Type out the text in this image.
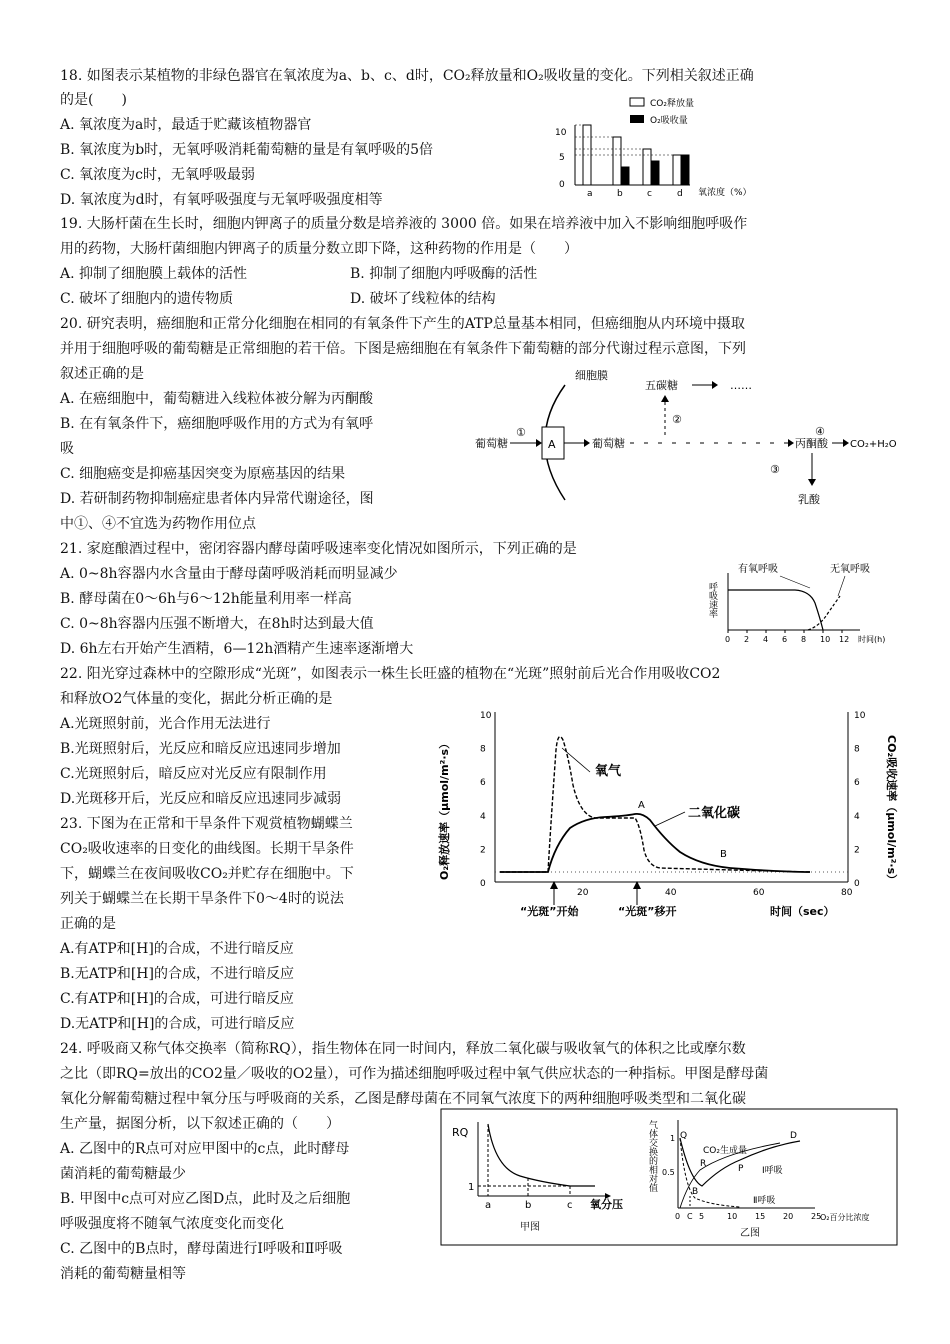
18. 如图表示某植物的非绿色器官在氧浓度为a、b、c、d时，CO₂释放量和O₂吸收量的变化。下列相关叙述正确
的是(　　)
A. 氧浓度为a时，最适于贮藏该植物器官
B. 氧浓度为b时，无氧呼吸消耗葡萄糖的量是有氧呼吸的5倍
C. 氧浓度为c时，无氧呼吸最弱
D. 氧浓度为d时，有氧呼吸强度与无氧呼吸强度相等
CO₂释放量
O₂吸收量
10
5
0
a	b	c	d 氧浓度（%）
19. 大肠杆菌在生长时，细胞内钾离子的质量分数是培养液的 3000 倍。如果在培养液中加入不影响细胞呼吸作
用的药物，大肠杆菌细胞内钾离子的质量分数立即下降，这种药物的作用是（　　）
A. 抑制了细胞膜上载体的活性	B. 抑制了细胞内呼吸酶的活性
C. 破坏了细胞内的遗传物质	D. 破坏了线粒体的结构
20. 研究表明，癌细胞和正常分化细胞在相同的有氧条件下产生的ATP总量基本相同，但癌细胞从内环境中摄取
并用于细胞呼吸的葡萄糖是正常细胞的若干倍。下图是癌细胞在有氧条件下葡萄糖的部分代谢过程示意图，下列
叙述正确的是
A. 在癌细胞中，葡萄糖进入线粒体被分解为丙酮酸
B. 在有氧条件下，癌细胞呼吸作用的方式为有氧呼
吸
C. 细胞癌变是抑癌基因突变为原癌基因的结果
D. 若研制药物抑制癌症患者体内异常代谢途径，图
中①、④不宜选为药物作用位点
细胞膜
葡萄糖
①
A	葡萄糖
②
五碳糖	……
丙酮酸
④
CO₂+H₂O
③
乳酸
21. 家庭酿酒过程中，密闭容器内酵母菌呼吸速率变化情况如图所示，下列正确的是
A. 0~8h容器内水含量由于酵母菌呼吸消耗而明显减少
B. 酵母菌在0～6h与6～12h能量利用率一样高
C. 0~8h容器内压强不断增大，在8h时达到最大值
D. 6h左右开始产生酒精，6—12h酒精产生速率逐渐增大
有氧呼吸	无氧呼吸
呼吸速率
0 2 4 6 8 10 12 时间(h)
22. 阳光穿过森林中的空隙形成“光斑”，如图表示一株生长旺盛的植物在“光斑”照射前后光合作用吸收CO2
和释放O2气体量的变化，据此分析正确的是
A.光斑照射前，光合作用无法进行
B.光斑照射后，光反应和暗反应迅速同步增加
C.光斑照射后，暗反应对光反应有限制作用
D.光斑移开后，光反应和暗反应迅速同步减弱	O₂释放速率（μmol/m²·s）	CO₂吸收速率（μmol/m²·s）
10	10
8	8
6	6
4	4
2	2
0	0
20	40	60	80
氧气
二氧化碳
A
B
“光斑”开始	“光斑”移开	时间（sec）
23. 下图为在正常和干旱条件下观赏植物蝴蝶兰
CO₂吸收速率的日变化的曲线图。长期干旱条件
下，蝴蝶兰在夜间吸收CO₂并贮存在细胞中。下
列关于蝴蝶兰在长期干旱条件下0～4时的说法
正确的是
A.有ATP和[H]的合成，不进行暗反应
B.无ATP和[H]的合成，不进行暗反应
C.有ATP和[H]的合成，可进行暗反应
D.无ATP和[H]的合成，可进行暗反应
24. 呼吸商又称气体交换率（简称RQ），指生物体在同一时间内，释放二氧化碳与吸收氧气的体积之比或摩尔数
之比（即RQ=放出的CO2量／吸收的O2量），可作为描述细胞呼吸过程中氧气供应状态的一种指标。甲图是酵母菌
氧化分解葡萄糖过程中氧分压与呼吸商的关系，乙图是酵母菌在不同氧气浓度下的两种细胞呼吸类型和二氧化碳
生产量，据图分析，以下叙述正确的（　　）
A. 乙图中的R点可对应甲图中的c点，此时酵母
菌消耗的葡萄糖最少
B. 甲图中c点可对应乙图D点，此时及之后细胞
呼吸强度将不随氧气浓度变化而变化
C. 乙图中的B点时，酵母菌进行Ⅰ呼吸和Ⅱ呼吸
消耗的葡萄糖量相等
RQ
1
a	b	c 氧分压
甲图
气体交换的相对值 1
0.5
Q
R	P
D
B
CO₂生成量
Ⅰ呼吸
Ⅱ呼吸
0 C 5	10 15 20 25
O₂百分比浓度
乙图
